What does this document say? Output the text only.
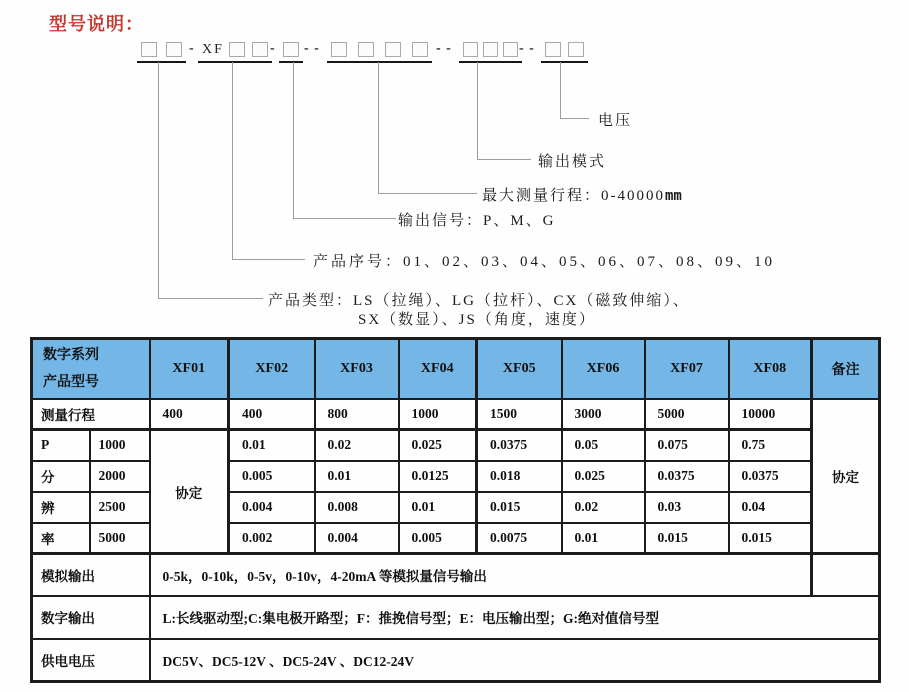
型号说明：
- XF	- - -	- -	- -
电压
输出模式
最大测量行程：0-40000mm
输出信号：P、M、G
产品序号：01、02、03、04、05、06、07、08、09、10
产品类型：LS（拉绳）、LG（拉杆）、CX（磁致伸缩）、
SX（数显）、JS（角度，速度）
数字系列
产品型号		XF01	XF02	XF03	XF04	XF05	XF06	XF07	XF08	备注
测量行程		400	400	800	1000	1500	3000	5000	10000	协定
P	1000	协定	0.01	0.02	0.025	0.0375	0.05	0.075	0.75	
分	2000		0.005	0.01	0.0125	0.018	0.025	0.0375	0.0375	
辨	2500		0.004	0.008	0.01	0.015	0.02	0.03	0.04	
率	5000		0.002	0.004	0.005	0.0075	0.01	0.015	0.015	
模拟输出		0-5k，0-10k，0-5v，0-10v，4-20mA 等模拟量信号输出								
数字输出		L:长线驱动型;C:集电极开路型；F：推挽信号型；E：电压输出型；G:绝对值信号型								
供电电压		DC5V、DC5-12V 、DC5-24V 、DC12-24V								
